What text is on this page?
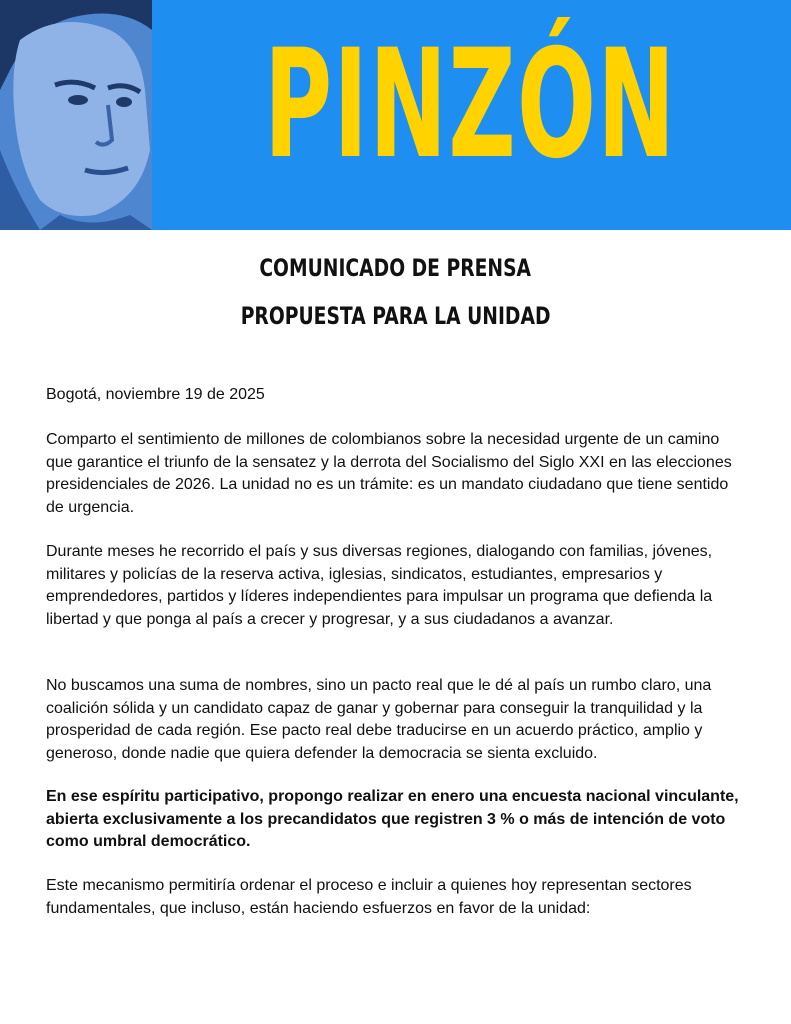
PINZÓN
COMUNICADO DE PRENSA
PROPUESTA PARA LA UNIDAD

Bogotá, noviembre 19 de 2025

Comparto el sentimiento de millones de colombianos sobre la necesidad urgente de un camino que garantice el triunfo de la sensatez y la derrota del Socialismo del Siglo XXI en las elecciones presidenciales de 2026. La unidad no es un trámite: es un mandato ciudadano que tiene sentido de urgencia.

Durante meses he recorrido el país y sus diversas regiones, dialogando con familias, jóvenes, militares y policías de la reserva activa, iglesias, sindicatos, estudiantes, empresarios y emprendedores, partidos y líderes independientes para impulsar un programa que defienda la libertad y que ponga al país a crecer y progresar, y a sus ciudadanos a avanzar.

No buscamos una suma de nombres, sino un pacto real que le dé al país un rumbo claro, una coalición sólida y un candidato capaz de ganar y gobernar para conseguir la tranquilidad y la prosperidad de cada región. Ese pacto real debe traducirse en un acuerdo práctico, amplio y generoso, donde nadie que quiera defender la democracia se sienta excluido.

En ese espíritu participativo, propongo realizar en enero una encuesta nacional vinculante, abierta exclusivamente a los precandidatos que registren 3 % o más de intención de voto como umbral democrático.

Este mecanismo permitiría ordenar el proceso e incluir a quienes hoy representan sectores fundamentales, que incluso, están haciendo esfuerzos en favor de la unidad:
